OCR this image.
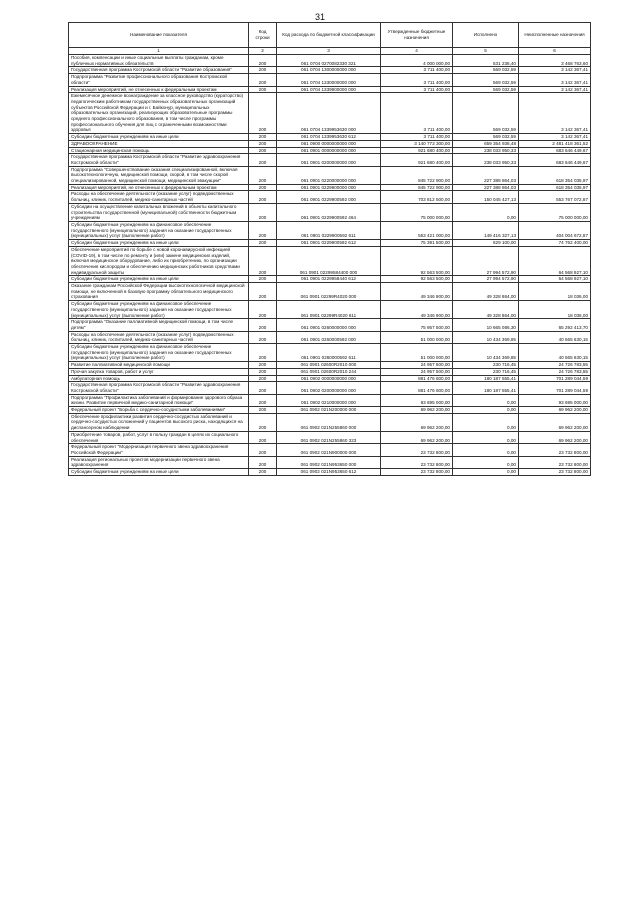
31
Наименование показателя	Код строки	Код расхода по бюджетной классификации	Утвержденные бюджетные назначения	Исполнено	Неисполненные назначения
1	2	3	4	5	6
Пособия, компенсации и иные социальные выплаты гражданам, кроме публичных нормативных обязательств	200	061 0704 0270082330 321	4 000 000,00	531 236,40	3 468 763,60
Государственная программа Костромской области "Развитие образования"	200	061 0704 1300000000 000	3 711 400,00	569 032,59	3 142 367,41
Подпрограмма "Развитие профессионального образования Костромской области"	200	061 0704 1330000000 000	3 711 400,00	569 032,59	3 142 367,41
Реализация мероприятий, не отнесенных к федеральным проектам	200	061 0704 1339900000 000	3 711 400,00	569 032,59	3 142 367,41
Ежемесячное денежное вознаграждение за классное руководство (кураторство) педагогическим работникам государственных образовательных организаций субъектов Российской Федерации и г. Байконур, муниципальных образовательных организаций, реализующих образовательные программы среднего профессионального образования, в том числе программы профессионального обучения для лиц с ограниченными возможностями здоровья	200	061 0704 1339953630 000	3 711 400,00	569 032,59	3 142 367,41
Субсидии бюджетным учреждениям на иные цели	200	061 0704 1339953630 612	3 711 400,00	569 032,59	3 142 367,41
ЗДРАВООХРАНЕНИЕ	200	061 0900 0000000000 000	3 140 773 300,00	659 354 938,48	2 481 418 361,52
Стационарная медицинская помощь	200	061 0901 0000000000 000	921 680 400,00	238 033 950,33	683 646 449,67
Государственная программа Костромской области "Развитие здравоохранения Костромской области"	200	061 0901 0200000000 000	921 680 400,00	238 033 950,33	683 646 449,67
Подпрограмма "Совершенствование оказания специализированной, включая высокотехнологичную, медицинской помощи, скорой, в том числе скорой специализированной, медицинской помощи, медицинской эвакуации"	200	061 0901 0220000000 000	845 722 900,00	227 388 864,03	618 354 035,97
Реализация мероприятий, не отнесенных к федеральным проектам	200	061 0901 0229900000 000	845 722 900,00	227 388 864,03	618 354 035,97
Расходы на обеспечение деятельности (оказание услуг) подведомственных больниц, клиник, госпиталей, медико-санитарных частей	200	061 0901 0229900592 000	703 812 500,00	150 045 427,13	553 767 072,87
Субсидии на осуществление капитальных вложений в объекты капитального строительства государственной (муниципальной) собственности бюджетным учреждениям	200	061 0901 0229900592 464	75 000 000,00	0,00	75 000 000,00
Субсидии бюджетным учреждениям на финансовое обеспечение государственного (муниципального) задания на оказание государственных (муниципальных) услуг (выполнение работ)	200	061 0901 0229900592 611	553 421 000,00	149 416 327,13	404 004 672,87
Субсидии бюджетным учреждениям на иные цели	200	061 0901 0229900592 612	75 391 500,00	629 100,00	74 762 400,00
Обеспечение мероприятий по борьбе с новой коронавирусной инфекцией (COVID-19), в том числе по ремонту и (или) замене медицинских изделий, включая медицинское оборудование, либо их приобретению, по организации обеспечения кислородом и обеспечению медицинских работников средствами индивидуальной защиты	200	061 0901 02299584400 000	92 563 500,00	27 994 572,90	64 568 927,10
Субсидии бюджетным учреждениям на иные цели	200	061 0901 0229958440 612	92 563 500,00	27 994 572,90	64 568 927,10
Оказание гражданам Российской Федерации высокотехнологичной медицинской помощи, не включенной в базовую программу обязательного медицинского страхования	200	061 0901 02299R4020 000	49 346 900,00	49 328 864,00	18 036,00
Субсидии бюджетным учреждениям на финансовое обеспечение государственного (муниципального) задания на оказание государственных (муниципальных) услуг (выполнение работ)	200	061 0901 02299R4020 611	49 346 900,00	49 328 864,00	18 036,00
Подпрограмма "Оказание паллиативной медицинской помощи, в том числе детям"	200	061 0901 0260000000 000	75 957 500,00	10 665 086,30	65 292 413,70
Расходы на обеспечение деятельности (оказание услуг) подведомственных больниц, клиник, госпиталей, медико-санитарных частей	200	061 0901 0260000592 000	51 000 000,00	10 434 369,85	40 565 630,15
Субсидии бюджетным учреждениям на финансовое обеспечение государственного (муниципального) задания на оказание государственных (муниципальных) услуг (выполнение работ)	200	061 0901 0260000592 611	51 000 000,00	10 434 369,85	40 565 630,15
Развитие паллиативной медицинской помощи	200	061 0901 02600R2010 000	24 957 500,00	230 716,45	24 726 783,55
Прочая закупка товаров, работ и услуг	200	061 0901 02600R2010 244	24 957 500,00	230 716,45	24 726 783,55
Амбулаторная помощь	200	061 0902 0000000000 000	881 476 600,00	180 187 555,41	701 289 044,59
Государственная программа Костромской области "Развитие здравоохранения Костромской области"	200	061 0902 0200000000 000	881 476 600,00	180 187 555,41	701 289 044,59
Подпрограмма "Профилактика заболеваний и формирование здорового образа жизни. Развитие первичной медико-санитарной помощи"	200	061 0902 0210000000 000	93 695 000,00	0,00	93 695 000,00
Федеральный проект "Борьба с сердечно-сосудистыми заболеваниями"	200	061 0902 021N200000 000	69 962 200,00	0,00	69 962 200,00
Обеспечение профилактики развития сердечно-сосудистых заболеваний и сердечно-сосудистых осложнений у пациентов высокого риска, находящихся на диспансерном наблюдении	200	061 0902 021N255860 000	69 962 200,00	0,00	69 962 200,00
Приобретение товаров, работ, услуг в пользу граждан в целях их социального обеспечения	200	061 0902 021N255860 323	69 962 200,00	0,00	69 962 200,00
Федеральный проект "Модернизация первичного звена здравоохранения Российской Федерации"	200	061 0902 021N900000 000	23 732 800,00	0,00	23 732 800,00
Реализация региональных проектов модернизации первичного звена здравоохранения	200	061 0902 021N953650 000	23 732 800,00	0,00	23 732 800,00
Субсидии бюджетным учреждениям на иные цели	200	061 0902 021N953650 612	23 732 800,00	0,00	23 732 800,00
